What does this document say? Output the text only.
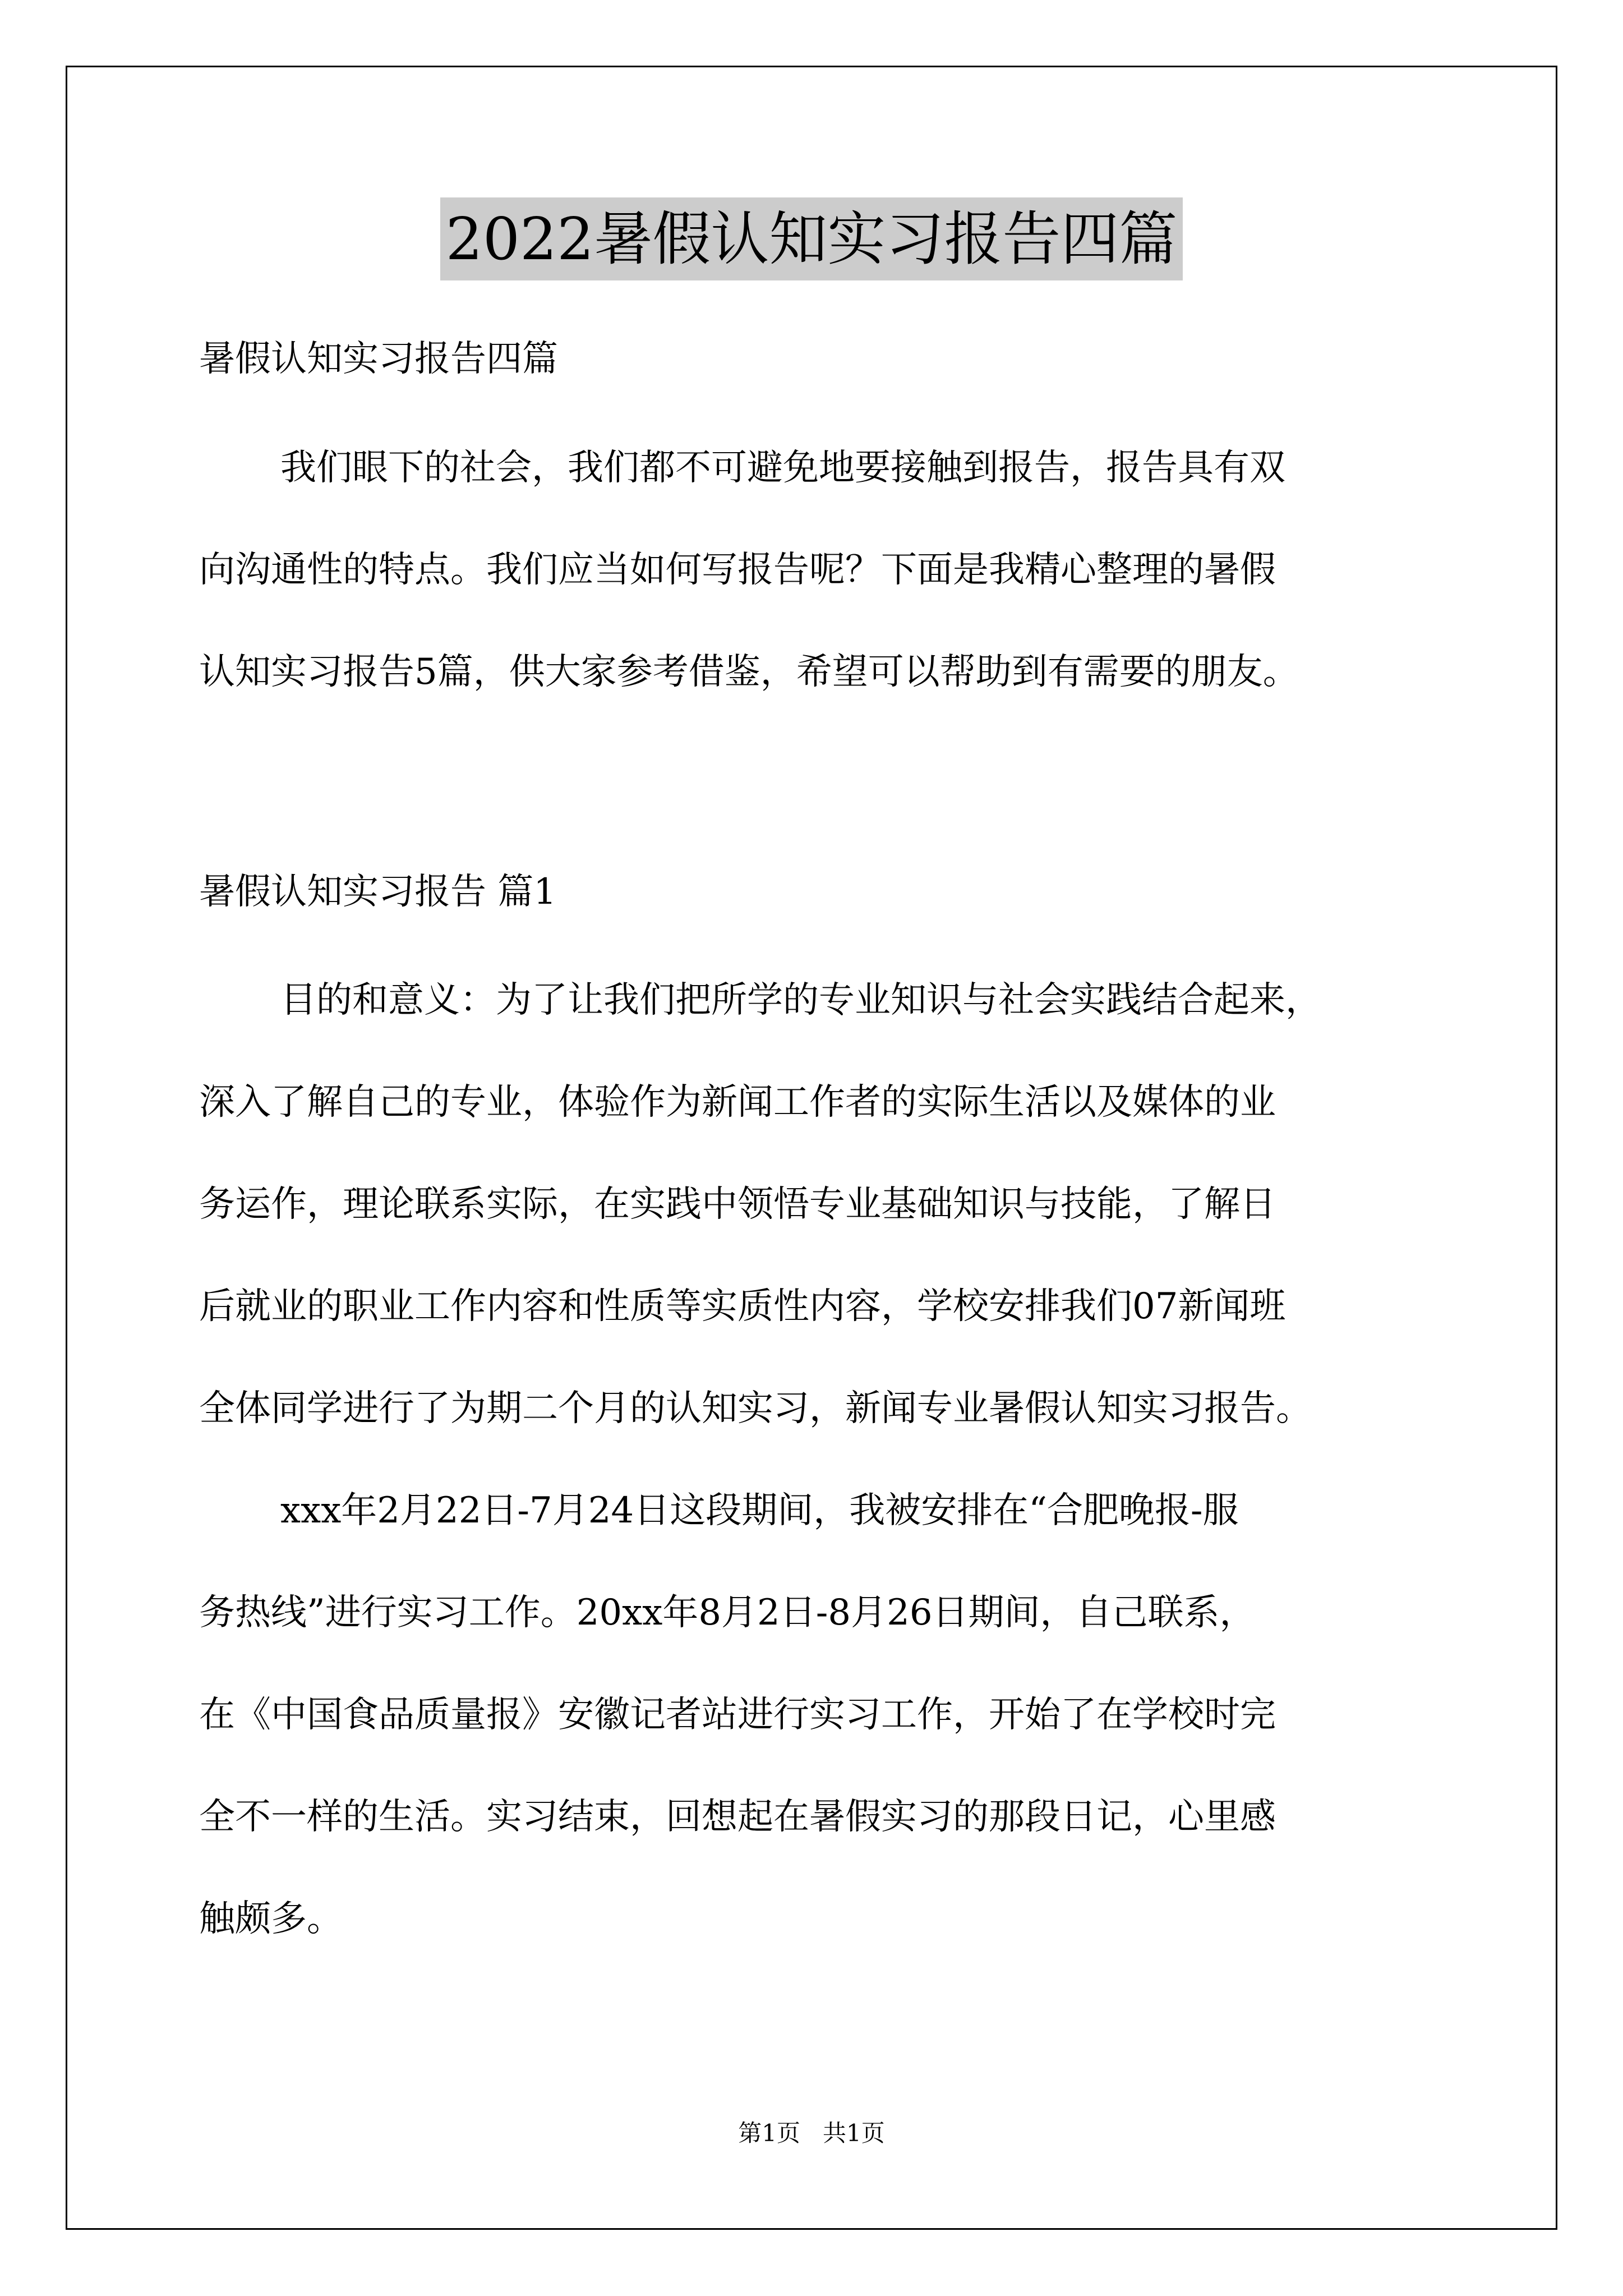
2022暑假认知实习报告四篇
暑假认知实习报告四篇
我们眼下的社会，我们都不可避免地要接触到报告，报告具有双
向沟通性的特点。我们应当如何写报告呢？下面是我精心整理的暑假
认知实习报告5篇，供大家参考借鉴，希望可以帮助到有需要的朋友。
暑假认知实习报告 篇1
目的和意义：为了让我们把所学的专业知识与社会实践结合起来，
深入了解自己的专业，体验作为新闻工作者的实际生活以及媒体的业
务运作，理论联系实际，在实践中领悟专业基础知识与技能，了解日
后就业的职业工作内容和性质等实质性内容，学校安排我们07新闻班
全体同学进行了为期二个月的认知实习，新闻专业暑假认知实习报告。
xxx年2月22日-7月24日这段期间，我被安排在“合肥晚报-服
务热线”进行实习工作。20xx年8月2日-8月26日期间，自己联系，
在《中国食品质量报》安徽记者站进行实习工作，开始了在学校时完
全不一样的生活。实习结束，回想起在暑假实习的那段日记，心里感
触颇多。
第1页 共1页
